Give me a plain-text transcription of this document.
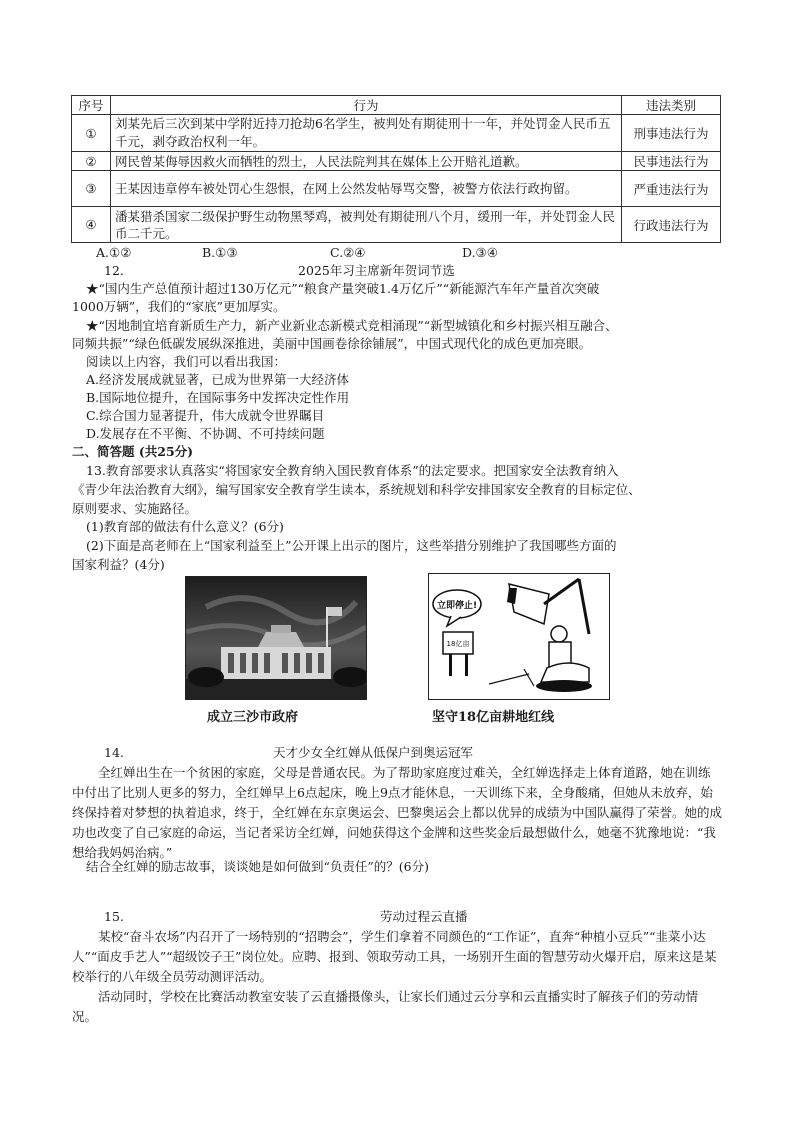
序号	行为	违法类别
①	刘某先后三次到某中学附近持刀抢劫6名学生，被判处有期徒刑十一年，并处罚金人民币五千元，剥夺政治权利一年。	刑事违法行为
②	网民曾某侮辱因救火而牺牲的烈士，人民法院判其在媒体上公开赔礼道歉。	民事违法行为
③	王某因违章停车被处罚心生怨恨，在网上公然发帖辱骂交警，被警方依法行政拘留。	严重违法行为
④	潘某猎杀国家二级保护野生动物黑琴鸡，被判处有期徒刑八个月，缓刑一年，并处罚金人民币二千元。	行政违法行为
A.①②	B.①③	C.②④	D.③④
12.	2025年习主席新年贺词节选
★“国内生产总值预计超过130万亿元”“粮食产量突破1.4万亿斤”“新能源汽车年产量首次突破
1000万辆”，我们的“家底”更加厚实。
★“因地制宜培育新质生产力，新产业新业态新模式竞相涌现”“新型城镇化和乡村振兴相互融合、
同频共振”“绿色低碳发展纵深推进，美丽中国画卷徐徐铺展”，中国式现代化的成色更加亮眼。
阅读以上内容，我们可以看出我国：
A.经济发展成就显著，已成为世界第一大经济体
B.国际地位提升，在国际事务中发挥决定性作用
C.综合国力显著提升，伟大成就令世界瞩目
D.发展存在不平衡、不协调、不可持续问题
二、简答题 (共25分)
13.教育部要求认真落实“将国家安全教育纳入国民教育体系”的法定要求。把国家安全法教育纳入
《青少年法治教育大纲》，编写国家安全教育学生读本，系统规划和科学安排国家安全教育的目标定位、
原则要求、实施路径。
(1)教育部的做法有什么意义？(6分)
(2)下面是高老师在上“国家利益至上”公开课上出示的图片，这些举措分别维护了我国哪些方面的
国家利益？(4分)
成立三沙市政府
立即停止!
18亿亩
坚守18亿亩耕地红线
14.	天才少女全红婵从低保户到奥运冠军
全红婵出生在一个贫困的家庭，父母是普通农民。为了帮助家庭度过难关，全红婵选择走上体育道路，她在训练中付出了比别人更多的努力，全红婵早上6点起床，晚上9点才能休息，一天训练下来，全身酸痛，但她从未放弃，始终保持着对梦想的执着追求，终于，全红婵在东京奥运会、巴黎奥运会上都以优异的成绩为中国队赢得了荣誉。她的成功也改变了自己家庭的命运，当记者采访全红婵，问她获得这个金牌和这些奖金后最想做什么，她毫不犹豫地说：“我想给我妈妈治病。”
结合全红婵的励志故事，谈谈她是如何做到“负责任”的？(6分)
15.	劳动过程云直播
某校“奋斗农场”内召开了一场特别的“招聘会”，学生们拿着不同颜色的“工作证”，直奔“种植小豆兵”“韭菜小达人”“面皮手艺人”“超级饺子王”岗位处。应聘、报到、领取劳动工具，一场别开生面的智慧劳动火爆开启，原来这是某校举行的八年级全员劳动测评活动。
活动同时，学校在比赛活动教室安装了云直播摄像头，让家长们通过云分享和云直播实时了解孩子们的劳动情况。
